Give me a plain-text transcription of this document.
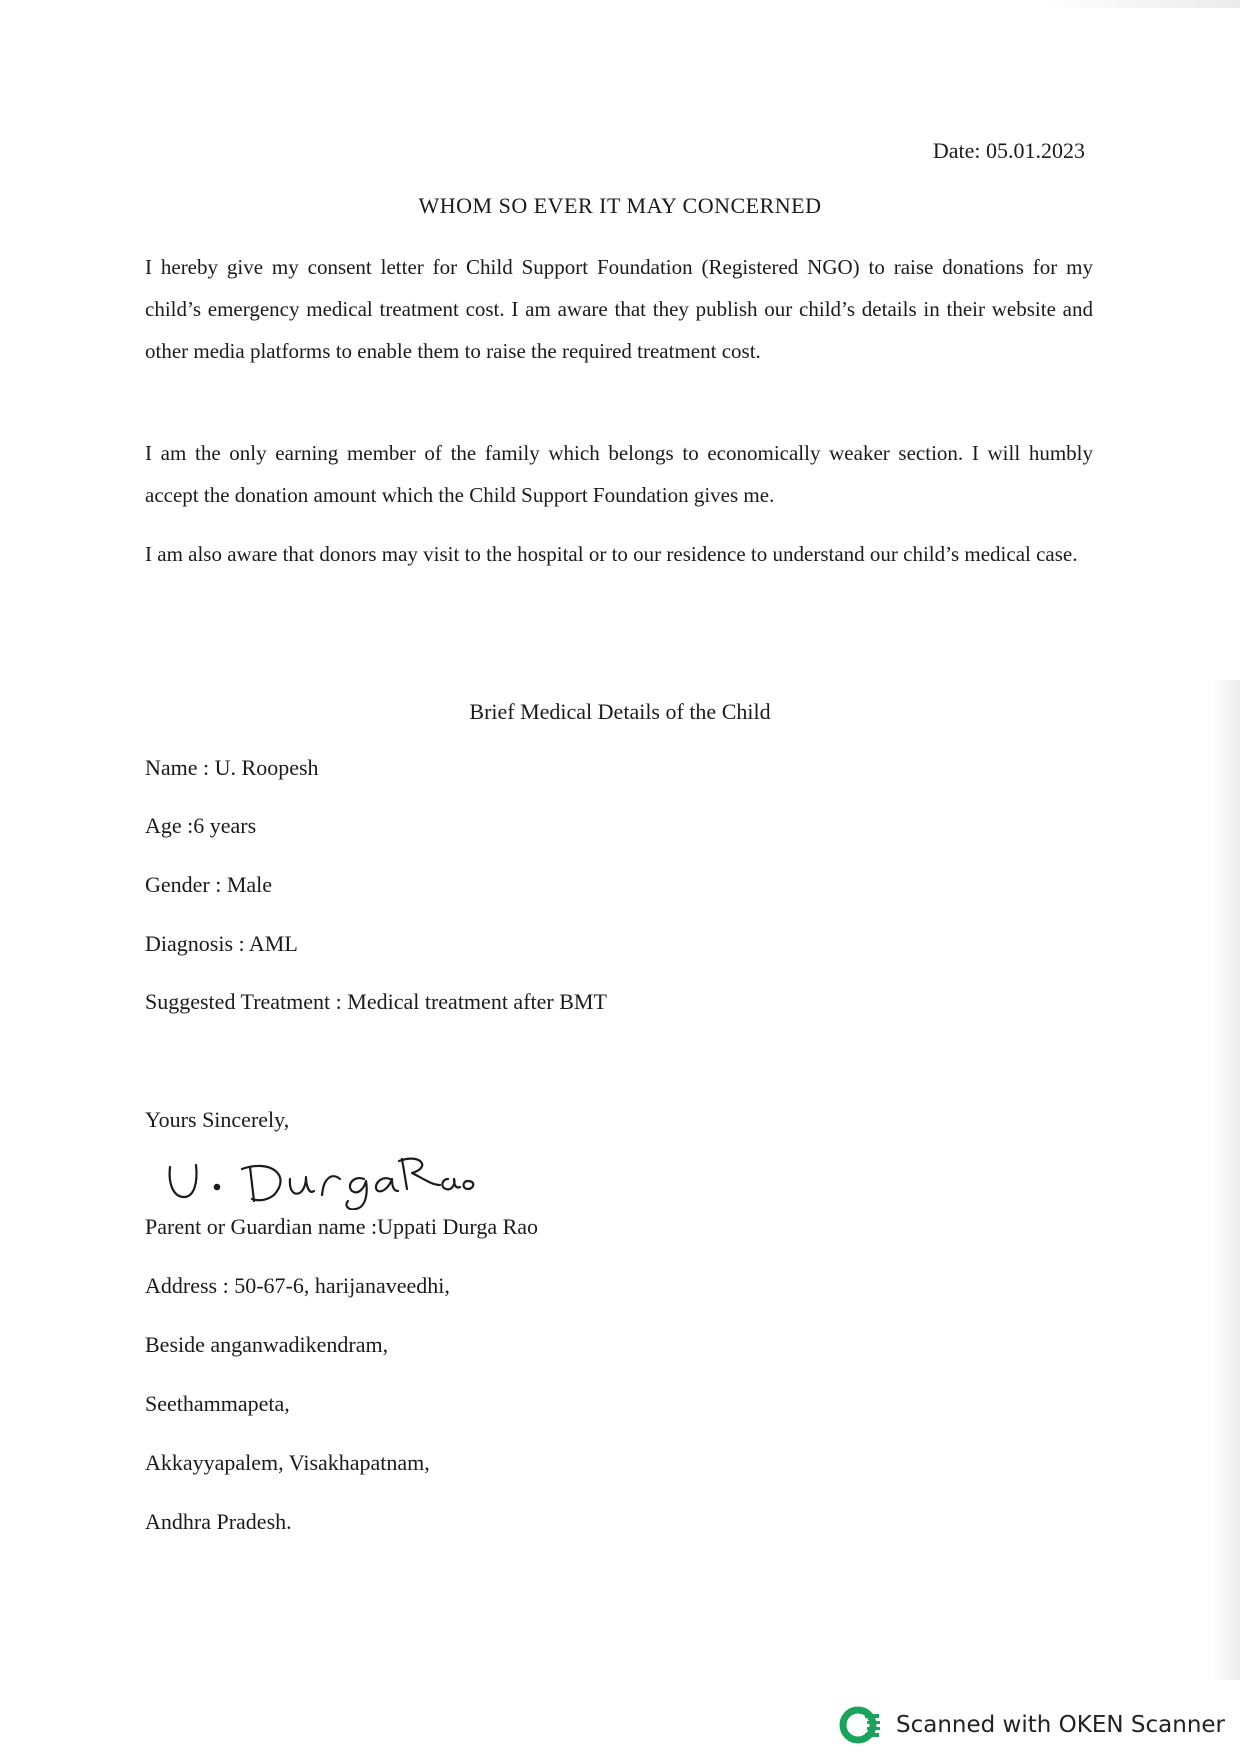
Date: 05.01.2023
WHOM SO EVER IT MAY CONCERNED

I hereby give my consent letter for Child Support Foundation (Registered NGO) to raise donations for my child’s emergency medical treatment cost. I am aware that they publish our child’s details in their website and other media platforms to enable them to raise the required treatment cost.

I am the only earning member of the family which belongs to economically weaker section. I will humbly accept the donation amount which the Child Support Foundation gives me.

I am also aware that donors may visit to the hospital or to our residence to understand our child’s medical case.

Brief Medical Details of the Child
Name : U. Roopesh
Age :6 years
Gender : Male
Diagnosis : AML
Suggested Treatment : Medical treatment after BMT
Yours Sincerely,
Parent or Guardian name :Uppati Durga Rao
Address : 50-67-6, harijanaveedhi,
Beside anganwadikendram,
Seethammapeta,
Akkayyapalem, Visakhapatnam,
Andhra Pradesh.
Scanned with OKEN Scanner
